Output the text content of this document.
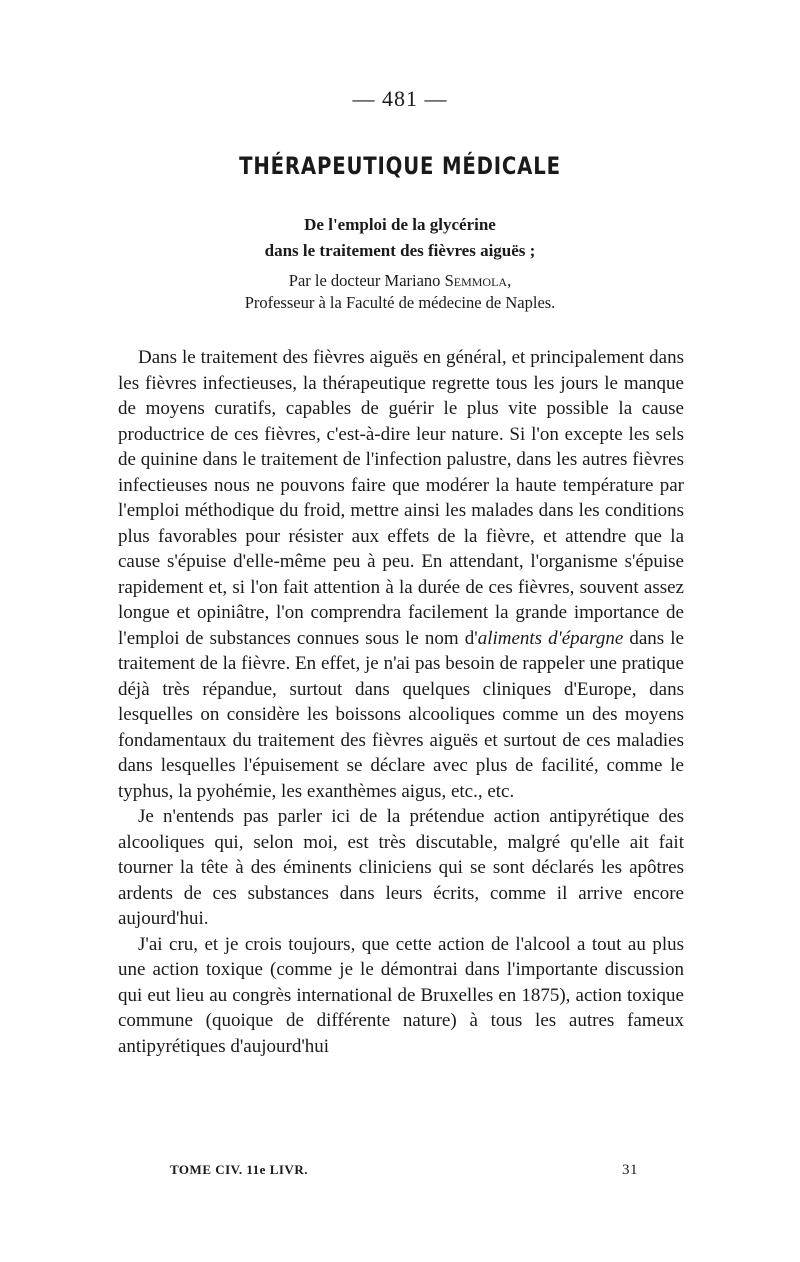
— 481 —
THÉRAPEUTIQUE MÉDICALE
De l'emploi de la glycérine
dans le traitement des fièvres aiguës ;
Par le docteur Mariano Semmola,
Professeur à la Faculté de médecine de Naples.

Dans le traitement des fièvres aiguës en général, et principalement dans les fièvres infectieuses, la thérapeutique regrette tous les jours le manque de moyens curatifs, capables de guérir le plus vite possible la cause productrice de ces fièvres, c'est-à-dire leur nature. Si l'on excepte les sels de quinine dans le traitement de l'infection palustre, dans les autres fièvres infectieuses nous ne pouvons faire que modérer la haute température par l'emploi méthodique du froid, mettre ainsi les malades dans les conditions plus favorables pour résister aux effets de la fièvre, et attendre que la cause s'épuise d'elle-même peu à peu. En attendant, l'organisme s'épuise rapidement et, si l'on fait attention à la durée de ces fièvres, souvent assez longue et opiniâtre, l'on comprendra facilement la grande importance de l'emploi de substances connues sous le nom d'aliments d'épargne dans le traitement de la fièvre. En effet, je n'ai pas besoin de rappeler une pratique déjà très répandue, surtout dans quelques cliniques d'Europe, dans lesquelles on considère les boissons alcooliques comme un des moyens fondamentaux du traitement des fièvres aiguës et surtout de ces maladies dans lesquelles l'épuisement se déclare avec plus de facilité, comme le typhus, la pyohémie, les exanthèmes aigus, etc., etc.

Je n'entends pas parler ici de la prétendue action antipyrétique des alcooliques qui, selon moi, est très discutable, malgré qu'elle ait fait tourner la tête à des éminents cliniciens qui se sont déclarés les apôtres ardents de ces substances dans leurs écrits, comme il arrive encore aujourd'hui.

J'ai cru, et je crois toujours, que cette action de l'alcool a tout au plus une action toxique (comme je le démontrai dans l'importante discussion qui eut lieu au congrès international de Bruxelles en 1875), action toxique commune (quoique de différente nature) à tous les autres fameux antipyrétiques d'aujourd'hui

TOME CIV. 11e LIVR.	31
